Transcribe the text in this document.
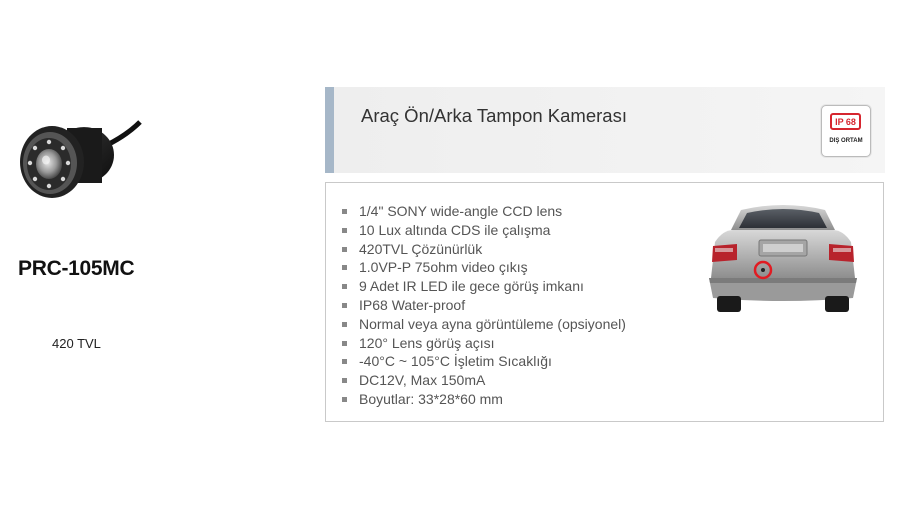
PRC-105MC
420 TVL
Araç Ön/Arka Tampon Kamerası	IP 68
DIŞ ORTAM
1/4" SONY wide-angle CCD lens
10 Lux altında CDS ile çalışma
420TVL Çözünürlük
1.0VP-P 75ohm video çıkış
9 Adet IR LED ile gece görüş imkanı
IP68 Water-proof
Normal veya ayna görüntüleme (opsiyonel)
120° Lens görüş açısı
-40°C ~ 105°C İşletim Sıcaklığı
DC12V, Max 150mA
Boyutlar: 33*28*60 mm
